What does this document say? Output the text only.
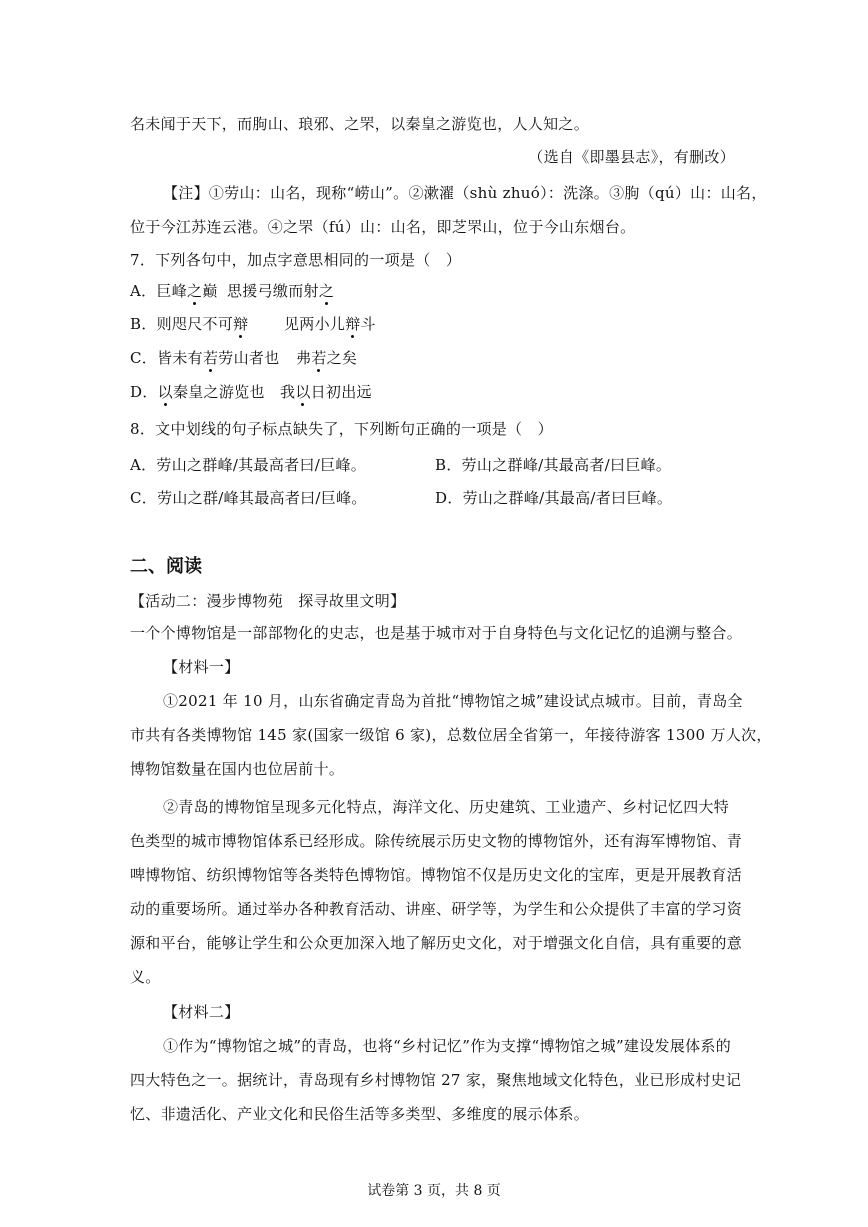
名未闻于天下，而朐山、琅邪、之罘，以秦皇之游览也，人人知之。
（选自《即墨县志》，有删改）
【注】①劳山：山名，现称“崂山”。②漱濯（shù zhuó）：洗涤。③朐（qú）山：山名，
位于今江苏连云港。④之罘（fú）山：山名，即芝罘山，位于今山东烟台。
7．下列各句中，加点字意思相同的一项是（　）
A．巨峰之巅 思援弓缴而射之
B．则咫尺不可辩 见两小儿辩斗
C．皆未有若劳山者也 弗若之矣
D．以秦皇之游览也 我以日初出远
8．文中划线的句子标点缺失了，下列断句正确的一项是（　）
A．劳山之群峰/其最高者曰/巨峰。	B．劳山之群峰/其最高者/曰巨峰。
C．劳山之群/峰其最高者曰/巨峰。	D．劳山之群峰/其最高/者曰巨峰。
二、阅读
【活动二：漫步博物苑　探寻故里文明】
一个个博物馆是一部部物化的史志，也是基于城市对于自身特色与文化记忆的追溯与整合。
【材料一】
①2021 年 10 月，山东省确定青岛为首批“博物馆之城”建设试点城市。目前，青岛全
市共有各类博物馆 145 家(国家一级馆 6 家)，总数位居全省第一，年接待游客 1300 万人次，
博物馆数量在国内也位居前十。
②青岛的博物馆呈现多元化特点，海洋文化、历史建筑、工业遗产、乡村记忆四大特
色类型的城市博物馆体系已经形成。除传统展示历史文物的博物馆外，还有海军博物馆、青
啤博物馆、纺织博物馆等各类特色博物馆。博物馆不仅是历史文化的宝库，更是开展教育活
动的重要场所。通过举办各种教育活动、讲座、研学等，为学生和公众提供了丰富的学习资
源和平台，能够让学生和公众更加深入地了解历史文化，对于增强文化自信，具有重要的意
义。
【材料二】
①作为“博物馆之城”的青岛，也将“乡村记忆”作为支撑“博物馆之城”建设发展体系的
四大特色之一。据统计，青岛现有乡村博物馆 27 家，聚焦地域文化特色，业已形成村史记
忆、非遗活化、产业文化和民俗生活等多类型、多维度的展示体系。
试卷第 3 页，共 8 页
